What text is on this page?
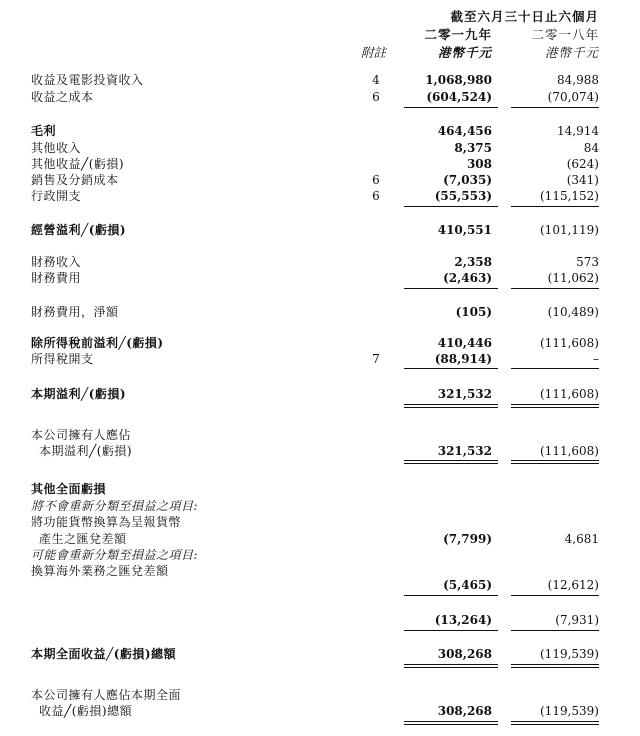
截至六月三十日止六個月
二零一九年	二零一八年
附註	港幣千元	港幣千元
收益及電影投資收入	4	1,068,980	84,988
收益之成本	6	(604,524)	(70,074)
毛利	464,456	14,914
其他收入	8,375	84
其他收益╱(虧損)	308	(624)
銷售及分銷成本	6	(7,035)	(341)
行政開支	6	(55,553)	(115,152)
經營溢利╱(虧損)	410,551	(101,119)
財務收入	2,358	573
財務費用	(2,463)	(11,062)
財務費用，淨額	(105)	(10,489)
除所得稅前溢利╱(虧損)	410,446	(111,608)
所得稅開支	7	(88,914)	–
本期溢利╱(虧損)	321,532	(111,608)
本公司擁有人應佔
本期溢利╱(虧損)	321,532	(111,608)
其他全面虧損
將不會重新分類至損益之項目:
將功能貨幣換算為呈報貨幣
產生之匯兌差額	(7,799)	4,681
可能會重新分類至損益之項目:
換算海外業務之匯兌差額
(5,465)	(12,612)
(13,264)	(7,931)
本期全面收益╱(虧損)總額	308,268	(119,539)
本公司擁有人應佔本期全面
收益╱(虧損)總額	308,268	(119,539)
